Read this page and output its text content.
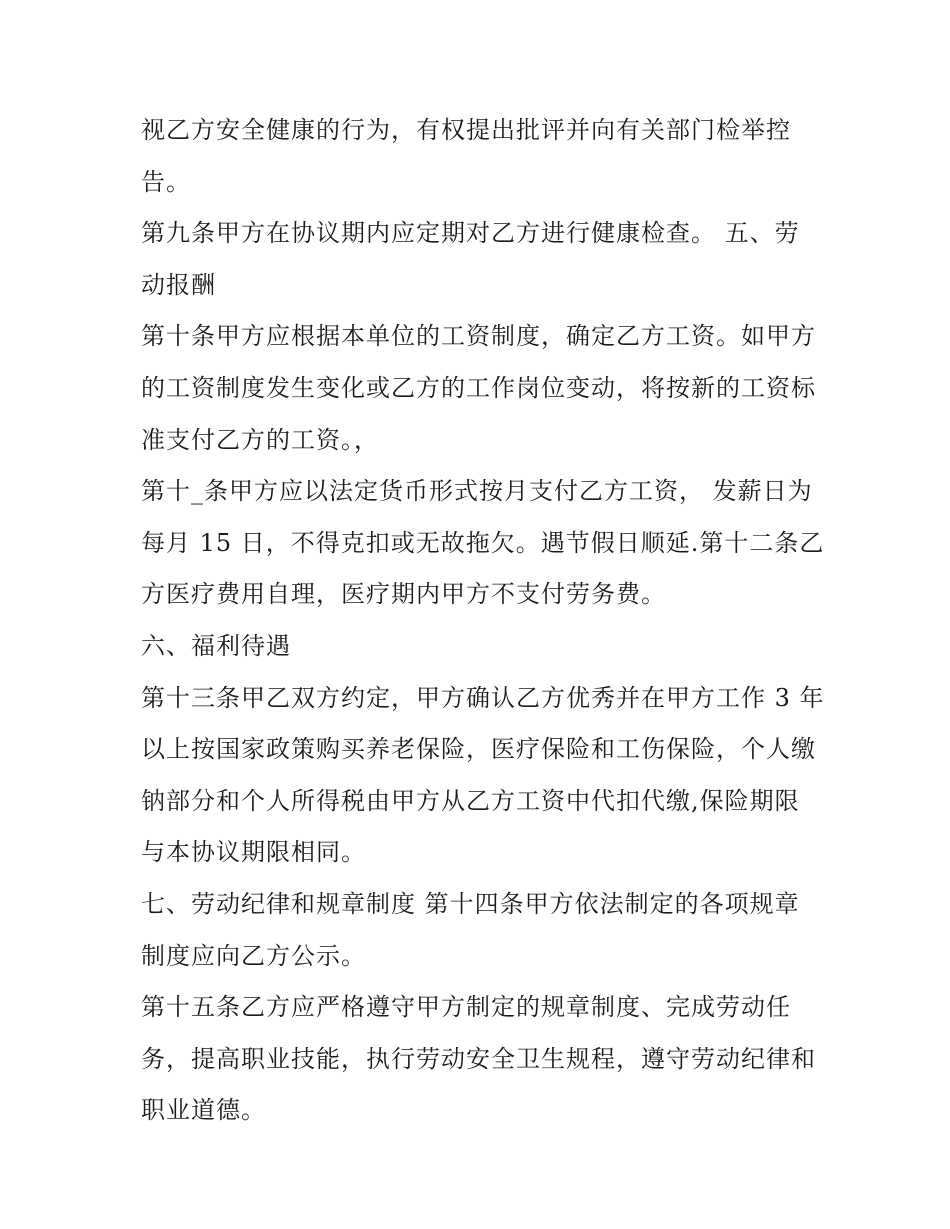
视乙方安全健康的行为，有权提出批评并向有关部门检举控
告。
第九条甲方在协议期内应定期对乙方进行健康检查。 五、劳
动报酬
第十条甲方应根据本单位的工资制度，确定乙方工资。如甲方
的工资制度发生变化或乙方的工作岗位变动，将按新的工资标
准支付乙方的工资。，
第十_条甲方应以法定货币形式按月支付乙方工资， 发薪日为
每月 15 日，不得克扣或无故拖欠。遇节假日顺延.第十二条乙
方医疗费用自理，医疗期内甲方不支付劳务费。
六、福利待遇
第十三条甲乙双方约定，甲方确认乙方优秀并在甲方工作 3 年
以上按国家政策购买养老保险，医疗保险和工伤保险，个人缴
钠部分和个人所得税由甲方从乙方工资中代扣代缴,保险期限
与本协议期限相同。
七、劳动纪律和规章制度 第十四条甲方依法制定的各项规章
制度应向乙方公示。
第十五条乙方应严格遵守甲方制定的规章制度、完成劳动任
务，提高职业技能，执行劳动安全卫生规程，遵守劳动纪律和
职业道德。
